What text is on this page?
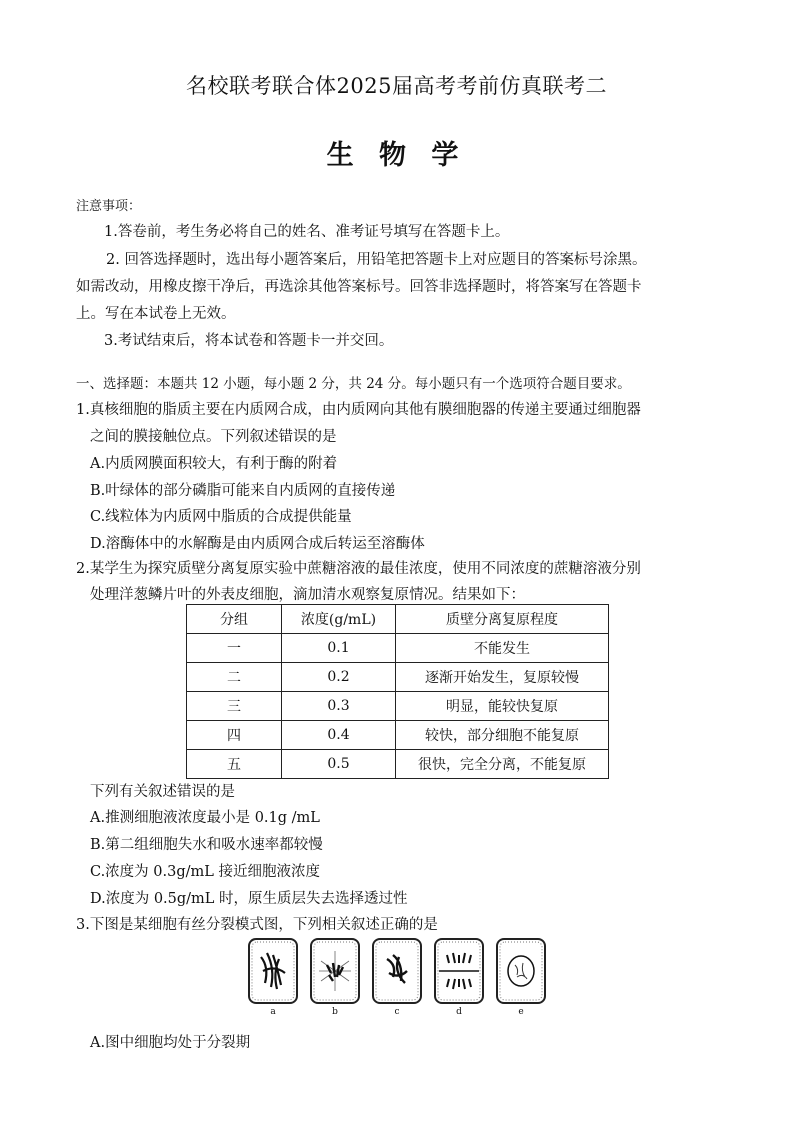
名校联考联合体2025届高考考前仿真联考二
生 物 学
注意事项：
1.答卷前，考生务必将自己的姓名、准考证号填写在答题卡上。
2. 回答选择题时，选出每小题答案后，用铅笔把答题卡上对应题目的答案标号涂黑。
如需改动，用橡皮擦干净后，再选涂其他答案标号。回答非选择题时，将答案写在答题卡
上。写在本试卷上无效。
3.考试结束后，将本试卷和答题卡一并交回。
一、选择题：本题共 12 小题，每小题 2 分，共 24 分。每小题只有一个选项符合题目要求。
1.真核细胞的脂质主要在内质网合成，由内质网向其他有膜细胞器的传递主要通过细胞器
之间的膜接触位点。下列叙述错误的是
A.内质网膜面积较大，有利于酶的附着
B.叶绿体的部分磷脂可能来自内质网的直接传递
C.线粒体为内质网中脂质的合成提供能量
D.溶酶体中的水解酶是由内质网合成后转运至溶酶体
2.某学生为探究质壁分离复原实验中蔗糖溶液的最佳浓度，使用不同浓度的蔗糖溶液分别
处理洋葱鳞片叶的外表皮细胞，滴加清水观察复原情况。结果如下：
分组	浓度(g/mL)	质壁分离复原程度
一	0.1	不能发生
二	0.2	逐渐开始发生，复原较慢
三	0.3	明显，能较快复原
四	0.4	较快，部分细胞不能复原
五	0.5	很快，完全分离，不能复原
下列有关叙述错误的是
A.推测细胞液浓度最小是 0.1g /mL
B.第二组细胞失水和吸水速率都较慢
C.浓度为 0.3g/mL 接近细胞液浓度
D.浓度为 0.5g/mL 时，原生质层失去选择透过性
3.下图是某细胞有丝分裂模式图，下列相关叙述正确的是
a	b	c	d	e
A.图中细胞均处于分裂期
